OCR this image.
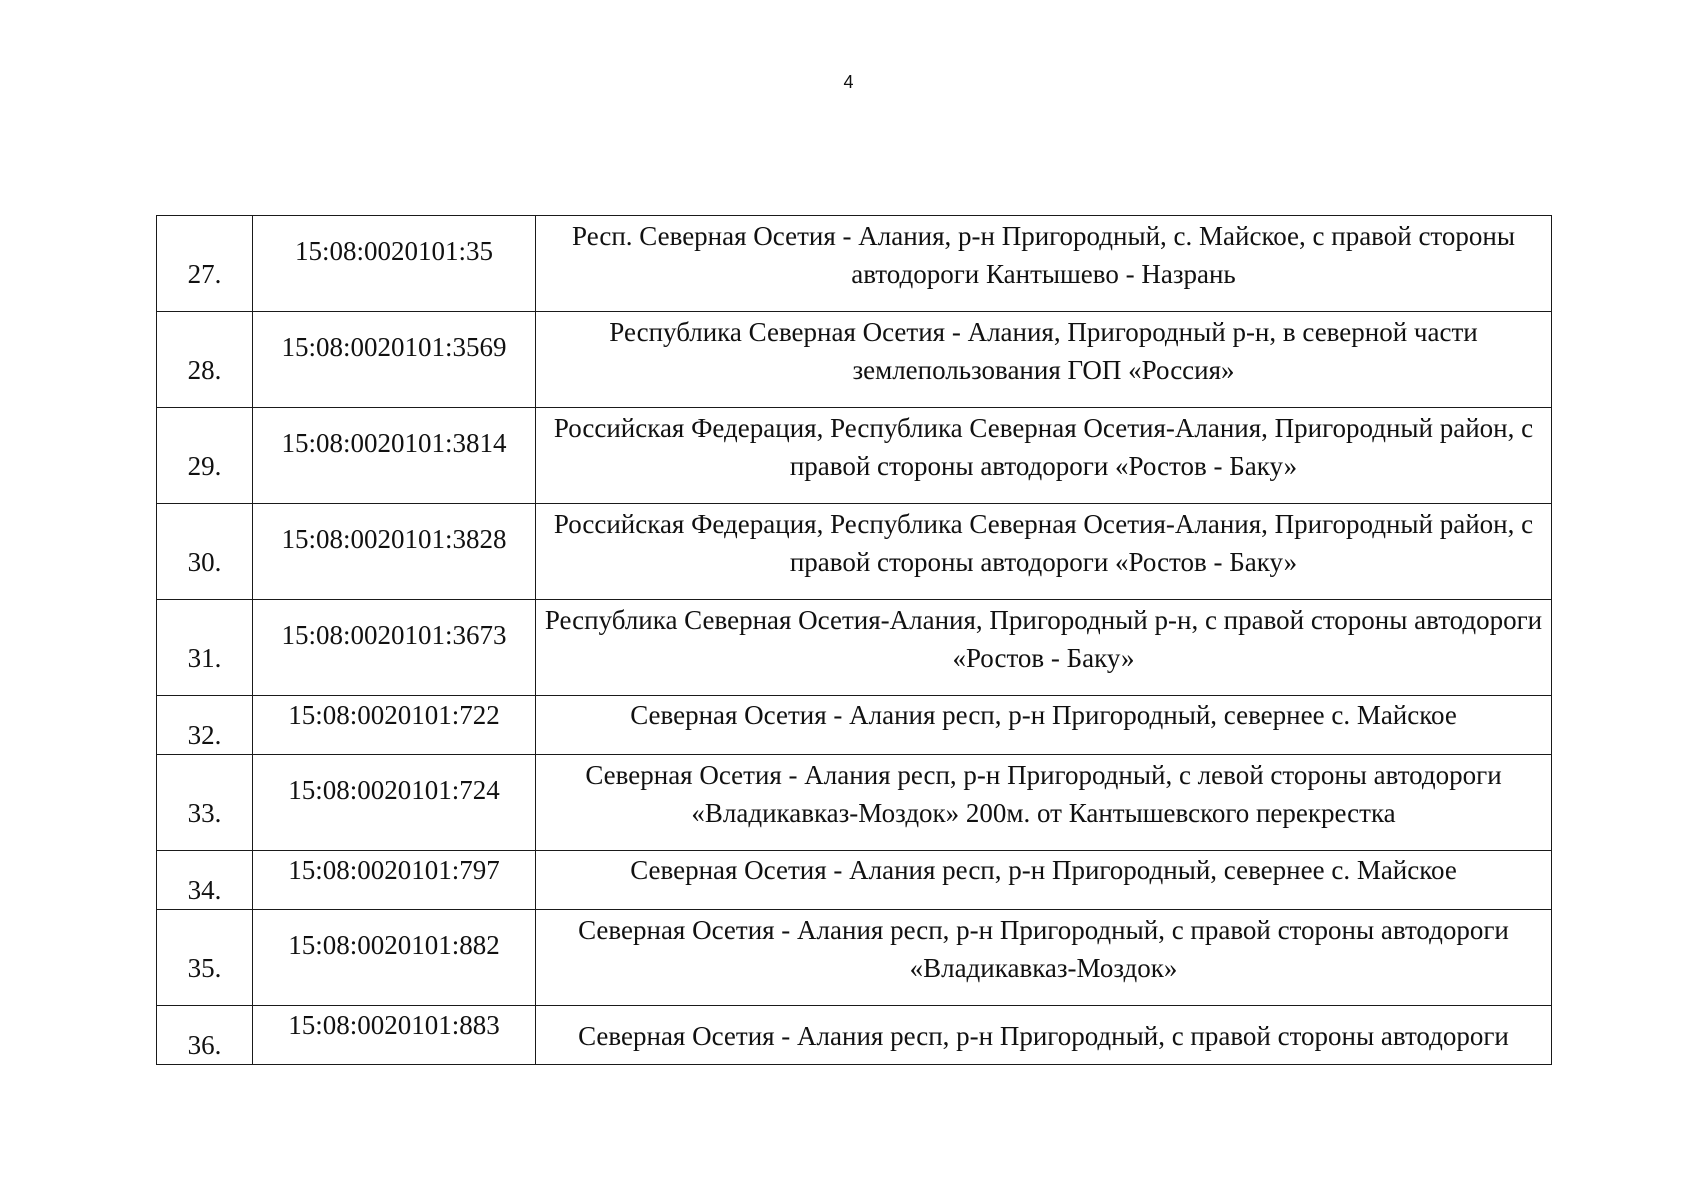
4
27.	15:08:0020101:35	Респ. Северная Осетия - Алания, р-н Пригородный, с. Майское, с правой стороны автодороги Кантышево - Назрань
28.	15:08:0020101:3569	Республика Северная Осетия - Алания, Пригородный р-н, в северной части землепользования ГОП «Россия»
29.	15:08:0020101:3814	Российская Федерация, Республика Северная Осетия-Алания, Пригородный район, с правой стороны автодороги «Ростов - Баку»
30.	15:08:0020101:3828	Российская Федерация, Республика Северная Осетия-Алания, Пригородный район, с правой стороны автодороги «Ростов - Баку»
31.	15:08:0020101:3673	Республика Северная Осетия-Алания, Пригородный р-н, с правой стороны автодороги «Ростов - Баку»
32.	15:08:0020101:722	Северная Осетия - Алания респ, р-н Пригородный, севернее с. Майское
33.	15:08:0020101:724	Северная Осетия - Алания респ, р-н Пригородный, с левой стороны автодороги «Владикавказ-Моздок» 200м. от Кантышевского перекрестка
34.	15:08:0020101:797	Северная Осетия - Алания респ, р-н Пригородный, севернее с. Майское
35.	15:08:0020101:882	Северная Осетия - Алания респ, р-н Пригородный, с правой стороны автодороги «Владикавказ-Моздок»
36.	15:08:0020101:883	Северная Осетия - Алания респ, р-н Пригородный, с правой стороны автодороги
